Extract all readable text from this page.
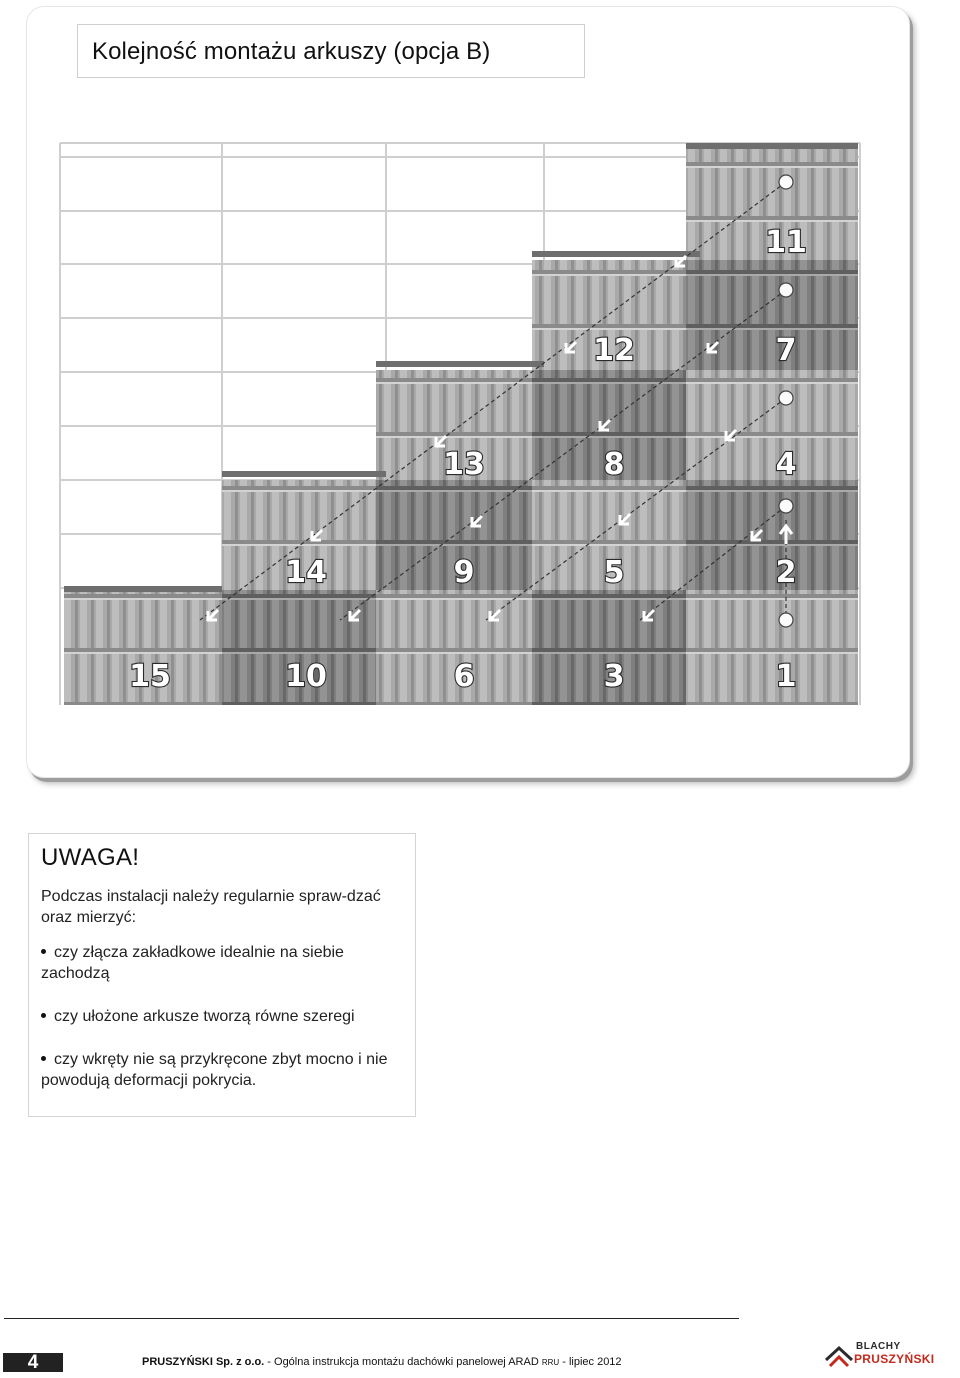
Kolejność montażu arkuszy (opcja B)
11
12	7
13	8	4
14	9	5	2
15	10	6	3	1
UWAGA!
Podczas instalacji należy regularnie spraw-dzać oraz mierzyć:
czy złącza zakładkowe idealnie na siebie zachodzą
czy ułożone arkusze tworzą równe szeregi
czy wkręty nie są przykręcone zbyt mocno i nie powodują deformacji pokrycia.
4	PRUSZYŃSKI Sp. z o.o. - Ogólna instrukcja montażu dachówki panelowej ARAD RRU - lipiec 2012
BLACHY
PRUSZYŃSKI
